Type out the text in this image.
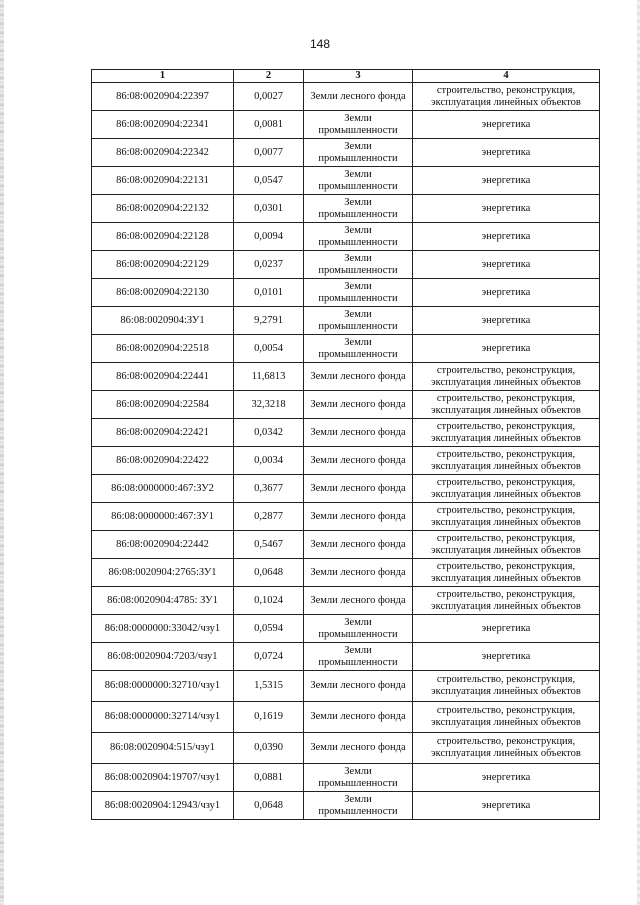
148
1	2	3	4
86:08:0020904:22397	0,0027	Земли лесного фонда	строительство, реконструкция, эксплуатация линейных объектов
86:08:0020904:22341	0,0081	Земли промышленности	энергетика
86:08:0020904:22342	0,0077	Земли промышленности	энергетика
86:08:0020904:22131	0,0547	Земли промышленности	энергетика
86:08:0020904:22132	0,0301	Земли промышленности	энергетика
86:08:0020904:22128	0,0094	Земли промышленности	энергетика
86:08:0020904:22129	0,0237	Земли промышленности	энергетика
86:08:0020904:22130	0,0101	Земли промышленности	энергетика
86:08:0020904:ЗУ1	9,2791	Земли промышленности	энергетика
86:08:0020904:22518	0,0054	Земли промышленности	энергетика
86:08:0020904:22441	11,6813	Земли лесного фонда	строительство, реконструкция, эксплуатация линейных объектов
86:08:0020904:22584	32,3218	Земли лесного фонда	строительство, реконструкция, эксплуатация линейных объектов
86:08:0020904:22421	0,0342	Земли лесного фонда	строительство, реконструкция, эксплуатация линейных объектов
86:08:0020904:22422	0,0034	Земли лесного фонда	строительство, реконструкция, эксплуатация линейных объектов
86:08:0000000:467:ЗУ2	0,3677	Земли лесного фонда	строительство, реконструкция, эксплуатация линейных объектов
86:08:0000000:467:ЗУ1	0,2877	Земли лесного фонда	строительство, реконструкция, эксплуатация линейных объектов
86:08:0020904:22442	0,5467	Земли лесного фонда	строительство, реконструкция, эксплуатация линейных объектов
86:08:0020904:2765:ЗУ1	0,0648	Земли лесного фонда	строительство, реконструкция, эксплуатация линейных объектов
86:08:0020904:4785: ЗУ1	0,1024	Земли лесного фонда	строительство, реконструкция, эксплуатация линейных объектов
86:08:0000000:33042/чзу1	0,0594	Земли промышленности	энергетика
86:08:0020904:7203/чзу1	0,0724	Земли промышленности	энергетика
86:08:0000000:32710/чзу1	1,5315	Земли лесного фонда	строительство, реконструкция, эксплуатация линейных объектов
86:08:0000000:32714/чзу1	0,1619	Земли лесного фонда	строительство, реконструкция, эксплуатация линейных объектов
86:08:0020904:515/чзу1	0,0390	Земли лесного фонда	строительство, реконструкция, эксплуатация линейных объектов
86:08:0020904:19707/чзу1	0,0881	Земли промышленности	энергетика
86:08:0020904:12943/чзу1	0,0648	Земли промышленности	энергетика
